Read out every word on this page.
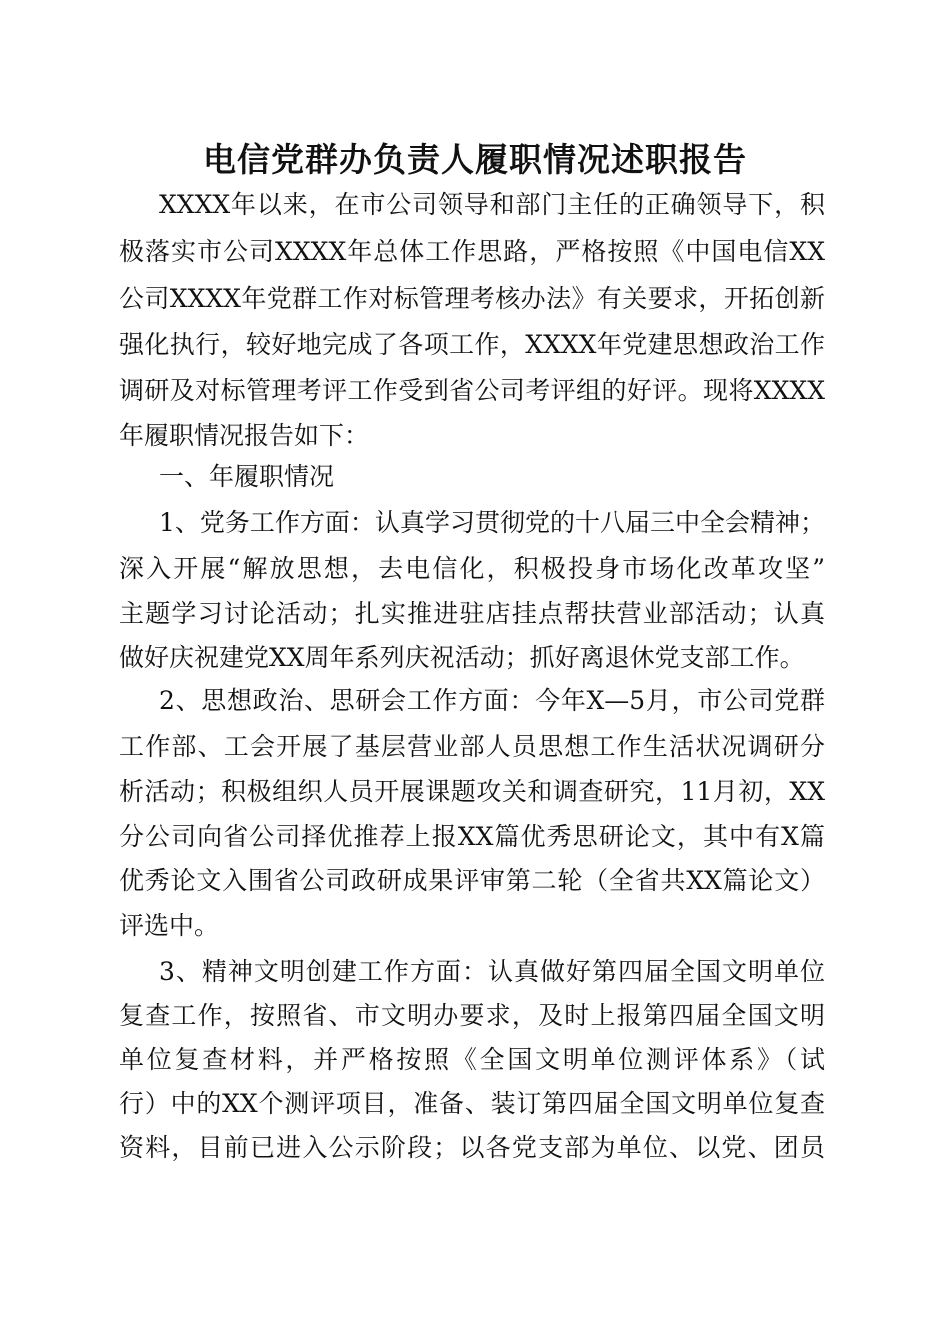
电信党群办负责人履职情况述职报告
XXXX年以来，在市公司领导和部门主任的正确领导下，积
极落实市公司XXXX年总体工作思路，严格按照《中国电信XX
公司XXXX年党群工作对标管理考核办法》有关要求，开拓创新
强化执行，较好地完成了各项工作，XXXX年党建思想政治工作
调研及对标管理考评工作受到省公司考评组的好评。现将XXXX
年履职情况报告如下：
一、年履职情况
1、党务工作方面：认真学习贯彻党的十八届三中全会精神；
深入开展“解放思想，去电信化，积极投身市场化改革攻坚”
主题学习讨论活动；扎实推进驻店挂点帮扶营业部活动；认真
做好庆祝建党XX周年系列庆祝活动；抓好离退休党支部工作。
2、思想政治、思研会工作方面：今年X—5月，市公司党群
工作部、工会开展了基层营业部人员思想工作生活状况调研分
析活动；积极组织人员开展课题攻关和调查研究，11月初，XX
分公司向省公司择优推荐上报XX篇优秀思研论文，其中有X篇
优秀论文入围省公司政研成果评审第二轮（全省共XX篇论文）
评选中。
3、精神文明创建工作方面：认真做好第四届全国文明单位
复查工作，按照省、市文明办要求，及时上报第四届全国文明
单位复查材料，并严格按照《全国文明单位测评体系》（试
行）中的XX个测评项目，准备、装订第四届全国文明单位复查
资料，目前已进入公示阶段；以各党支部为单位、以党、团员
